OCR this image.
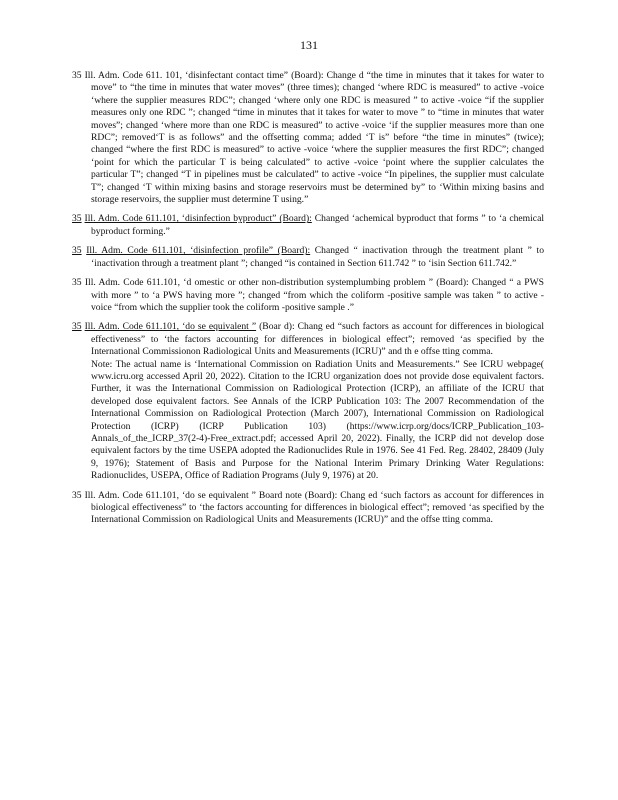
131

35 Ill. Adm. Code 611. 101, ‘disinfectant contact time” (Board): Change d “the time in minutes that it takes for water to move” to “the time in minutes that water moves” (three times); changed ‘where RDC is measured” to active -voice ‘where the supplier measures RDC”; changed ‘where only one RDC is measured ” to active -voice “if the supplier measures only one RDC ”; changed “time in minutes that it takes for water to move ” to “time in minutes that water moves”; changed ‘where more than one RDC is measured” to active -voice ‘if the supplier measures more than one RDC”; removed‘T is as follows” and the offsetting comma; added ‘T is” before “the time in minutes” (twice); changed “where the first RDC is measured” to active -voice ‘where the supplier measures the first RDC”; changed ‘point for which the particular T is being calculated” to active -voice ‘point where the supplier calculates the particular T”; changed “T in pipelines must be calculated” to active -voice “In pipelines, the supplier must calculate T”; changed ‘T within mixing basins and storage reservoirs must be determined by” to ‘Within mixing basins and storage reservoirs, the supplier must determine T using.”

35 Ill. Adm. Code 611.101, ‘disinfection byproduct” (Board): Changed ‘achemical byproduct that forms ” to ‘a chemical byproduct forming.”

35 Ill. Adm. Code 611.101, ‘disinfection profile” (Board): Changed “ inactivation through the treatment plant ” to ‘inactivation through a treatment plant ”; changed “is contained in Section 611.742 ” to ‘isin Section 611.742.”

35 Ill. Adm. Code 611.101, ‘d omestic or other non-distribution systemplumbing problem ” (Board): Changed “ a PWS with more ” to ‘a PWS having more ”; changed “from which the coliform -positive sample was taken ” to active -voice “from which the supplier took the coliform -positive sample .”

35 Ill. Adm. Code 611.101, ‘do se equivalent ” (Boar d): Chang ed “such factors as account for differences in biological effectiveness” to ‘the factors accounting for differences in biological effect”; removed ‘as specified by the International Commissionon Radiological Units and Measurements (ICRU)” and th e offse tting comma.
Note: The actual name is ‘International Commission on Radiation Units and Measurements.” See ICRU webpage( www.icru.org accessed April 20, 2022). Citation to the ICRU organization does not provide dose equivalent factors. Further, it was the International Commission on Radiological Protection (ICRP), an affiliate of the ICRU that developed dose equivalent factors. See Annals of the ICRP Publication 103: The 2007 Recommendation of the International Commission on Radiological Protection (March 2007), International Commission on Radiological Protection (ICRP) (ICRP Publication 103) (https://www.icrp.org/docs/ICRP_Publication_103-Annals_of_the_ICRP_37(2-4)-Free_extract.pdf; accessed April 20, 2022). Finally, the ICRP did not develop dose equivalent factors by the time USEPA adopted the Radionuclides Rule in 1976. See 41 Fed. Reg. 28402, 28409 (July 9, 1976); Statement of Basis and Purpose for the National Interim Primary Drinking Water Regulations: Radionuclides, USEPA, Office of Radiation Programs (July 9, 1976) at 20.

35 Ill. Adm. Code 611.101, ‘do se equivalent ” Board note (Board): Chang ed ‘such factors as account for differences in biological effectiveness” to ‘the factors accounting for differences in biological effect”; removed ‘as specified by the International Commission on Radiological Units and Measurements (ICRU)” and the offse tting comma.
